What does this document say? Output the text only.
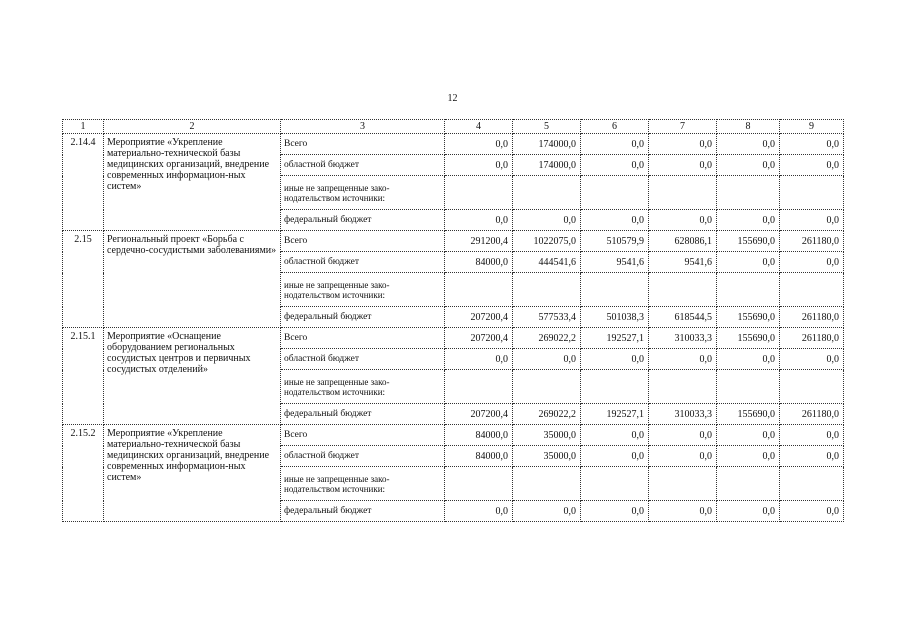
12
1	2	3	4	5	6	7	8	9
2.14.4	Мероприятие «Укрепление материально-технической базы медицинских организаций, внедрение современных информацион-ных систем»	Всего	0,0	174000,0	0,0	0,0	0,0	0,0
		областной бюджет	0,0	174000,0	0,0	0,0	0,0	0,0
		иные не запрещенные зако-нодательством источники:						
		федеральный бюджет	0,0	0,0	0,0	0,0	0,0	0,0
2.15	Региональный проект «Борьба с сердечно-сосудистыми заболеваниями»	Всего	291200,4	1022075,0	510579,9	628086,1	155690,0	261180,0
		областной бюджет	84000,0	444541,6	9541,6	9541,6	0,0	0,0
		иные не запрещенные зако-нодательством источники:						
		федеральный бюджет	207200,4	577533,4	501038,3	618544,5	155690,0	261180,0
2.15.1	Мероприятие «Оснащение оборудованием региональных сосудистых центров и первичных сосудистых отделений»	Всего	207200,4	269022,2	192527,1	310033,3	155690,0	261180,0
		областной бюджет	0,0	0,0	0,0	0,0	0,0	0,0
		иные не запрещенные зако-нодательством источники:						
		федеральный бюджет	207200,4	269022,2	192527,1	310033,3	155690,0	261180,0
2.15.2	Мероприятие «Укрепление материально-технической базы медицинских организаций, внедрение современных информацион-ных систем»	Всего	84000,0	35000,0	0,0	0,0	0,0	0,0
		областной бюджет	84000,0	35000,0	0,0	0,0	0,0	0,0
		иные не запрещенные зако-нодательством источники:						
		федеральный бюджет	0,0	0,0	0,0	0,0	0,0	0,0
